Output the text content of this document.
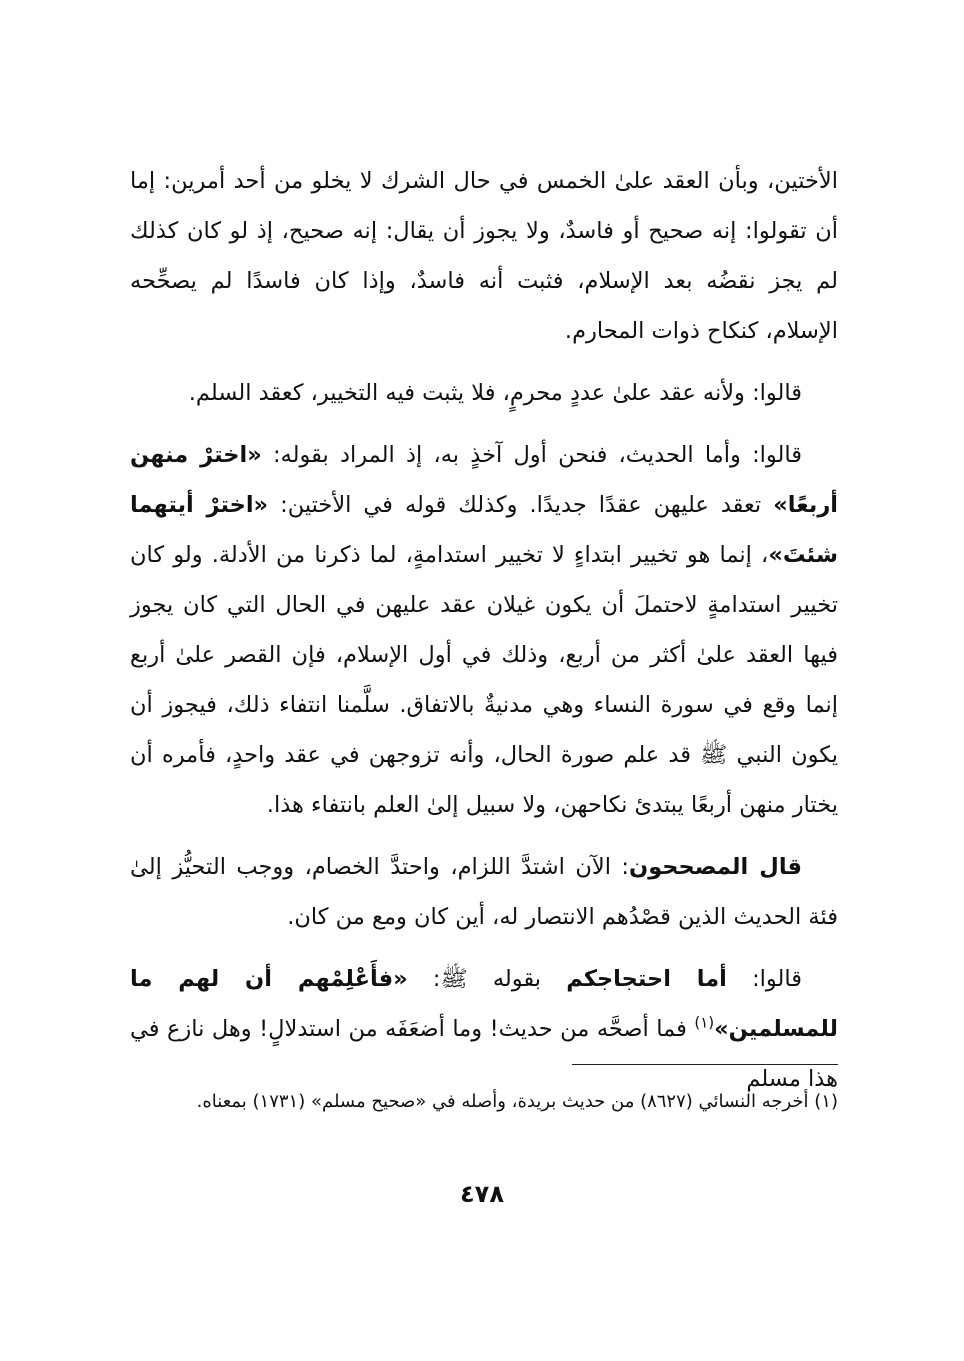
الأختين، وبأن العقد علىٰ الخمس في حال الشرك لا يخلو من أحد أمرين: إما أن تقولوا: إنه صحيح أو فاسدٌ، ولا يجوز أن يقال: إنه صحيح، إذ لو كان كذلك لم يجز نقضُه بعد الإسلام، فثبت أنه فاسدٌ، وإذا كان فاسدًا لم يصحِّحه الإسلام، كنكاح ذوات المحارم.

قالوا: ولأنه عقد علىٰ عددٍ محرمٍ، فلا يثبت فيه التخيير، كعقد السلم.

قالوا: وأما الحديث، فنحن أول آخذٍ به، إذ المراد بقوله: «اخترْ منهن أربعًا» تعقد عليهن عقدًا جديدًا. وكذلك قوله في الأختين: «اخترْ أيتهما شئتَ»، إنما هو تخيير ابتداءٍ لا تخيير استدامةٍ، لما ذكرنا من الأدلة. ولو كان تخيير استدامةٍ لاحتملَ أن يكون غيلان عقد عليهن في الحال التي كان يجوز فيها العقد علىٰ أكثر من أربع، وذلك في أول الإسلام، فإن القصر علىٰ أربع إنما وقع في سورة النساء وهي مدنيةٌ بالاتفاق. سلَّمنا انتفاء ذلك، فيجوز أن يكون النبي ﷺ قد علم صورة الحال، وأنه تزوجهن في عقد واحدٍ، فأمره أن يختار منهن أربعًا يبتدئ نكاحهن، ولا سبيل إلىٰ العلم بانتفاء هذا.

قال المصححون: الآن اشتدَّ اللزام، واحتدَّ الخصام، ووجب التحيُّز إلىٰ فئة الحديث الذين قصْدُهم الانتصار له، أين كان ومع من كان.

قالوا: أما احتجاجكم بقوله ﷺ: «فأَعْلِمْهم أن لهم ما للمسلمين»$^{(١)}$ فما أصحَّه من حديث! وما أضعَفَه من استدلالٍ! وهل نازع في هذا مسلم

(١) أخرجه النسائي (٨٦٢٧) من حديث بريدة، وأصله في «صحيح مسلم» (١٧٣١) بمعناه.
٤٧٨
